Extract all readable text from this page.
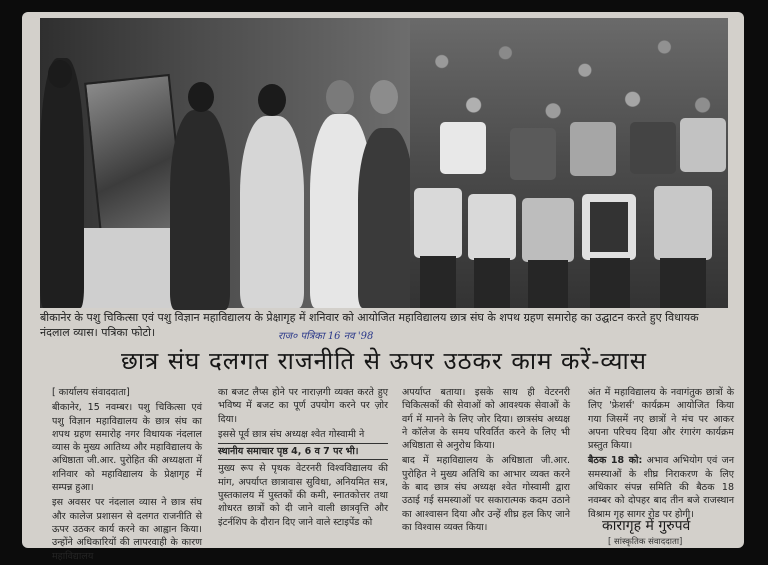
बीकानेर के पशु चिकित्सा एवं पशु विज्ञान महाविद्यालय के प्रेक्षागृह में शनिवार को आयोजित महाविद्यालय छात्र संघ के शपथ ग्रहण समारोह का उद्घाटन करते हुए विधायक नंदलाल व्यास। पत्रिका फोटो।	राज० पत्रिका 16 नव '98
छात्र संघ दलगत राजनीति से ऊपर उठकर काम करें-व्यास

[ कार्यालय संवाददाता]

बीकानेर, 15 नवम्बर। पशु चिकित्सा एवं पशु विज्ञान महाविद्यालय के छात्र संघ का शपथ ग्रहण समारोह नगर विधायक नंदलाल व्यास के मुख्य आतिथ्य और महाविद्यालय के अधिष्ठाता जी.आर. पुरोहित की अध्यक्षता में शनिवार को महाविद्यालय के प्रेक्षागृह में सम्पन्न हुआ।

इस अवसर पर नंदलाल व्यास ने छात्र संघ और कालेज प्रशासन से दलगत राजनीति से ऊपर उठकर कार्य करने का आह्वान किया। उन्होंने अधिकारियों की लापरवाही के कारण महाविद्यालय

का बजट लैप्स होने पर नाराज़गी व्यक्त करते हुए भविष्य में बजट का पूर्ण उपयोग करने पर ज़ोर दिया।

इससे पूर्व छात्र संघ अध्यक्ष श्वेत गोस्वामी ने

स्थानीय समाचार पृष्ठ 4, 6 व 7 पर भी।

मुख्य रूप से पृथक वेटरनरी विश्वविद्यालय की मांग, अपर्याप्त छात्रावास सुविधा, अनियमित सत्र, पुस्तकालय में पुस्तकों की कमी, स्नातकोत्तर तथा शोधरत छात्रों को दी जाने वाली छात्रवृत्ति और इंटर्नशिप के दौरान दिए जाने वाले स्टाइपेंड को

अपर्याप्त बताया। इसके साथ ही वेटरनरी चिकित्सकों की सेवाओं को आवश्यक सेवाओं के वर्ग में मानने के लिए जोर दिया। छात्रसंघ अध्यक्ष ने कॉलेज के समय परिवर्तित करने के लिए भी अधिष्ठाता से अनुरोध किया।

बाद में महाविद्यालय के अधिष्ठाता जी.आर. पुरोहित ने मुख्य अतिथि का आभार व्यक्त करने के बाद छात्र संघ अध्यक्ष श्वेत गोस्वामी द्वारा उठाई गई समस्याओं पर सकारात्मक कदम उठाने का आश्वासन दिया और उन्हें शीघ्र हल किए जाने का विश्वास व्यक्त किया।

अंत में महाविद्यालय के नवागंतुक छात्रों के लिए 'फ्रेशर्स' कार्यक्रम आयोजित किया गया जिसमें नए छात्रों ने मंच पर आकर अपना परिचय दिया और रंगारंग कार्यक्रम प्रस्तुत किया।

बैठक 18 को: अभाव अभियोग एवं जन समस्याओं के शीघ्र निराकरण के लिए अधिकार संपन्न समिति की बैठक 18 नवम्बर को दोपहर बाद तीन बजे राजस्थान विश्राम गृह सागर रोड पर होगी।

कारागृह में गुरुपर्व
[ सांस्कृतिक संवाददाता]
